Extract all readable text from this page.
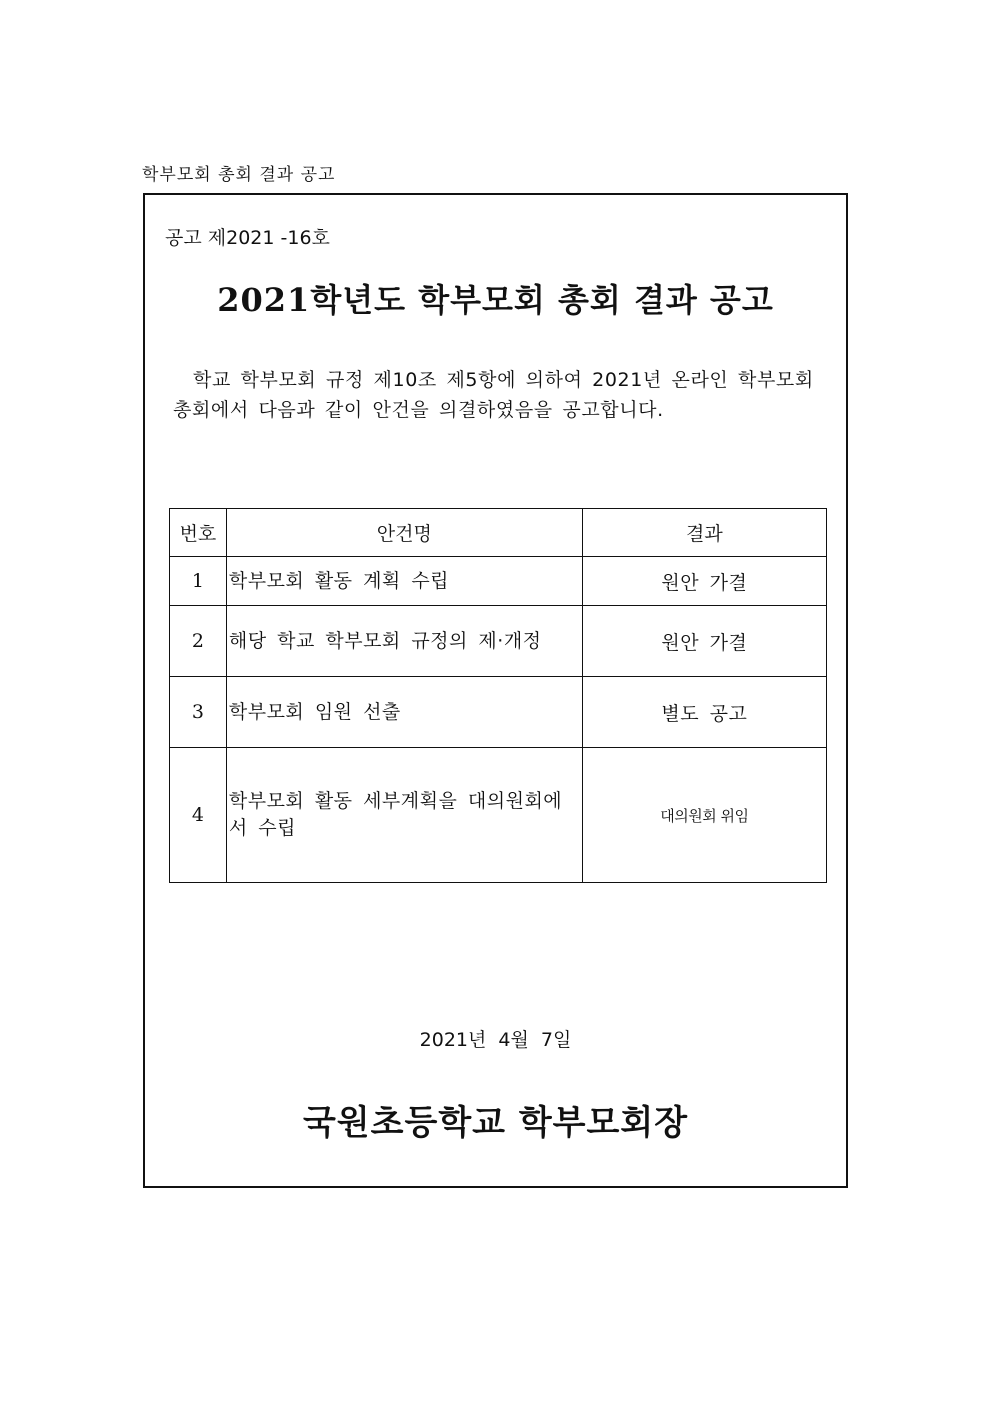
학부모회 총회 결과 공고
공고 제2021 -16호
2021학년도 학부모회 총회 결과 공고
학교 학부모회 규정 제10조 제5항에 의하여 2021년 온라인 학부모회 총회에서 다음과 같이 안건을 의결하였음을 공고합니다.
번호	안건명	결과
1	학부모회 활동 계획 수립	원안 가결
2	해당 학교 학부모회 규정의 제·개정	원안 가결
3	학부모회 임원 선출	별도 공고
4	학부모회 활동 세부계획을 대의원회에서 수립	대의원회 위임
2021년 4월 7일
국원초등학교 학부모회장
